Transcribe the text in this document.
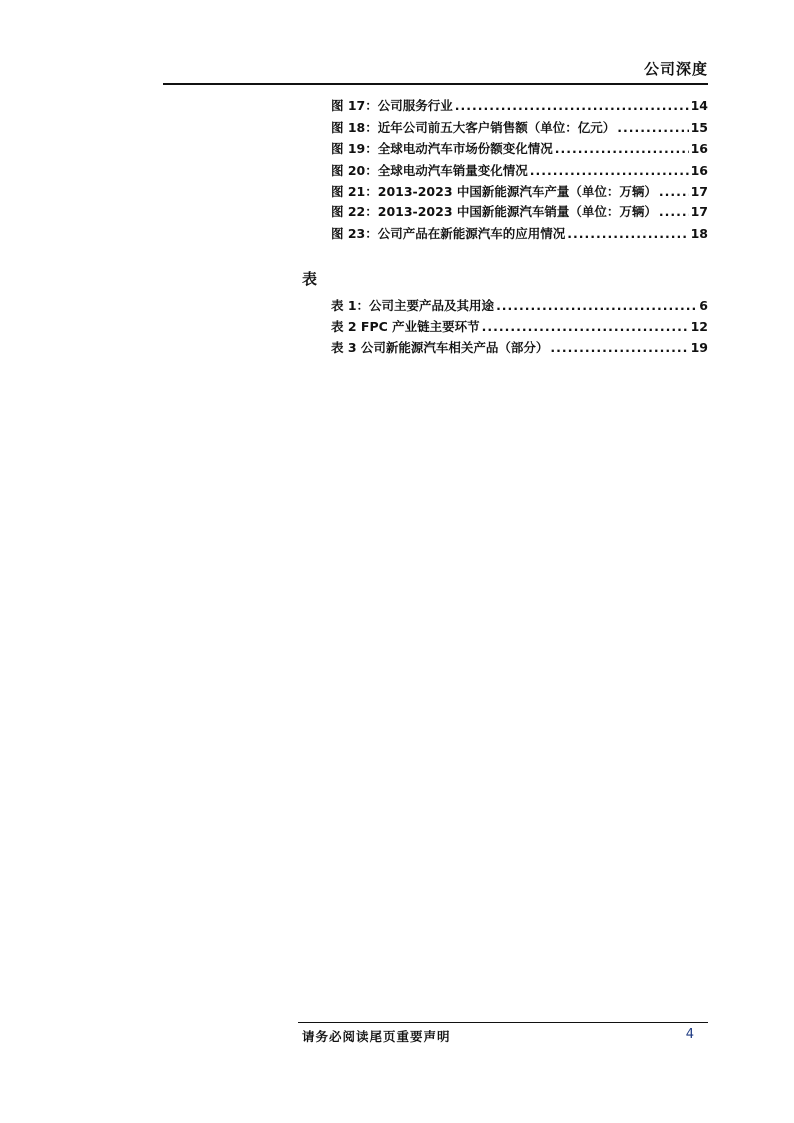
公司深度
图 17：公司服务行业 .....	14
图 18：近年公司前五大客户销售额（单位：亿元） .....	15
图 19：全球电动汽车市场份额变化情况 .....	16
图 20：全球电动汽车销量变化情况 .....	16
图 21：2013-2023 中国新能源汽车产量（单位：万辆） .....	17
图 22：2013-2023 中国新能源汽车销量（单位：万辆） .....	17
图 23：公司产品在新能源汽车的应用情况 .....	18
表
表 1：公司主要产品及其用途 .....	6
表 2 FPC 产业链主要环节 .....	12
表 3 公司新能源汽车相关产品（部分） .....	19
请务必阅读尾页重要声明	4
